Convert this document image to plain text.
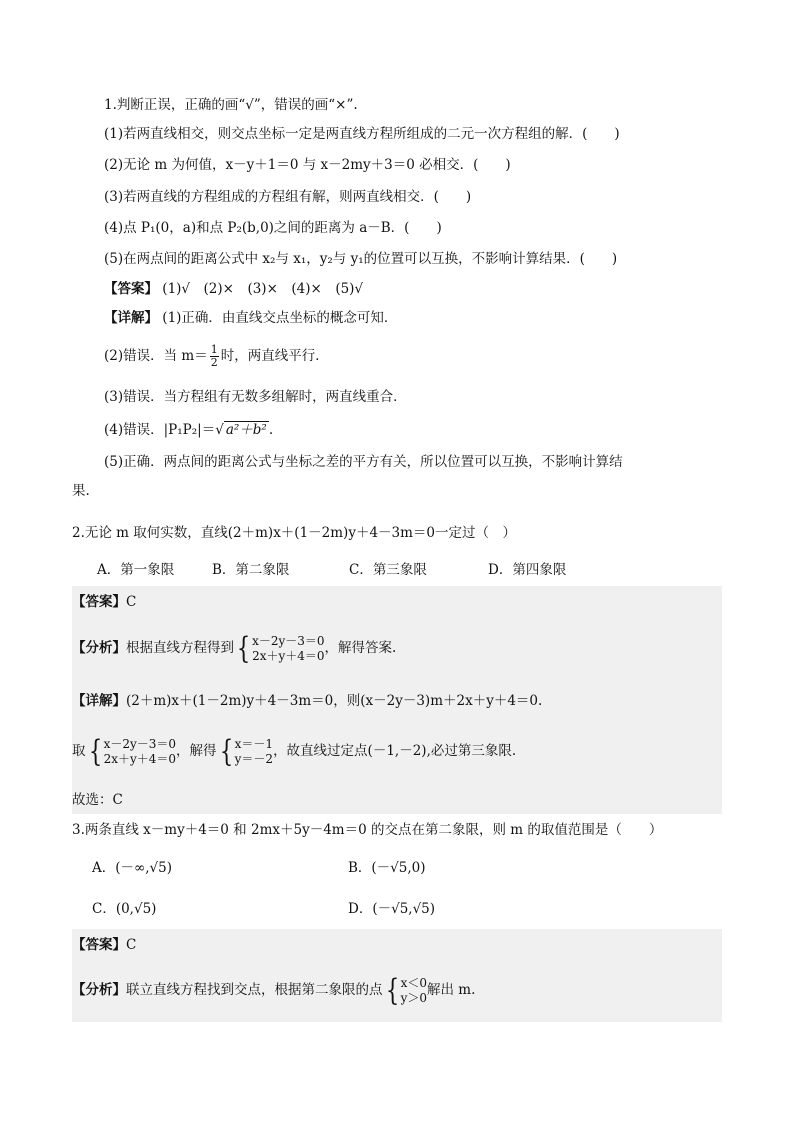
1.判断正误，正确的画“√”，错误的画“×”.
(1)若两直线相交，则交点坐标一定是两直线方程所组成的二元一次方程组的解．(　　)
(2)无论 m 为何值，x－y＋1＝0 与 x－2my＋3＝0 必相交．(　　)
(3)若两直线的方程组成的方程组有解，则两直线相交．(　　)
(4)点 P₁(0，a)和点 P₂(b,0)之间的距离为 a－B．(　　)
(5)在两点间的距离公式中 x₂与 x₁，y₂与 y₁的位置可以互换，不影响计算结果．(　　)
【答案】 (1)√　(2)×　(3)×　(4)×　(5)√
【详解】 (1)正确．由直线交点坐标的概念可知．
(2)错误．当 $m= \frac{1}{2}$ 时，两直线平行．
(3)错误．当方程组有无数多组解时，两直线重合．
(4)错误．|P₁P₂|＝√ a²＋b² .
(5)正确．两点间的距离公式与坐标之差的平方有关，所以位置可以互换，不影响计算结
果.
2.无论 m 取何实数，直线(2＋m)x＋(1－2m)y＋4－3m＝0一定过（　）
A．第一象限	B．第二象限	C．第三象限	D．第四象限
【答案】C
【分析】根据直线方程得到{ x－2y－3＝0
2x＋y＋4＝0 ，解得答案.
【详解】(2＋m)x＋(1－2m)y＋4－3m＝0，则(x－2y－3)m＋2x＋y＋4＝0.
取{ x－2y－3＝0
2x＋y＋4＝0 ，解得{ x＝－1
y＝－2 ，故直线过定点(－1,－2),必过第三象限.
故选：C
3.两条直线 x－my＋4＝0 和 2mx＋5y－4m＝0 的交点在第二象限，则 m 的取值范围是（　　）
A．(－∞,√5)	B．(－√5,0)
C．(0,√5)	D．(－√5,√5)
【答案】C
【分析】联立直线方程找到交点，根据第二象限的点{ x＜0
y＞0 解出 m.
